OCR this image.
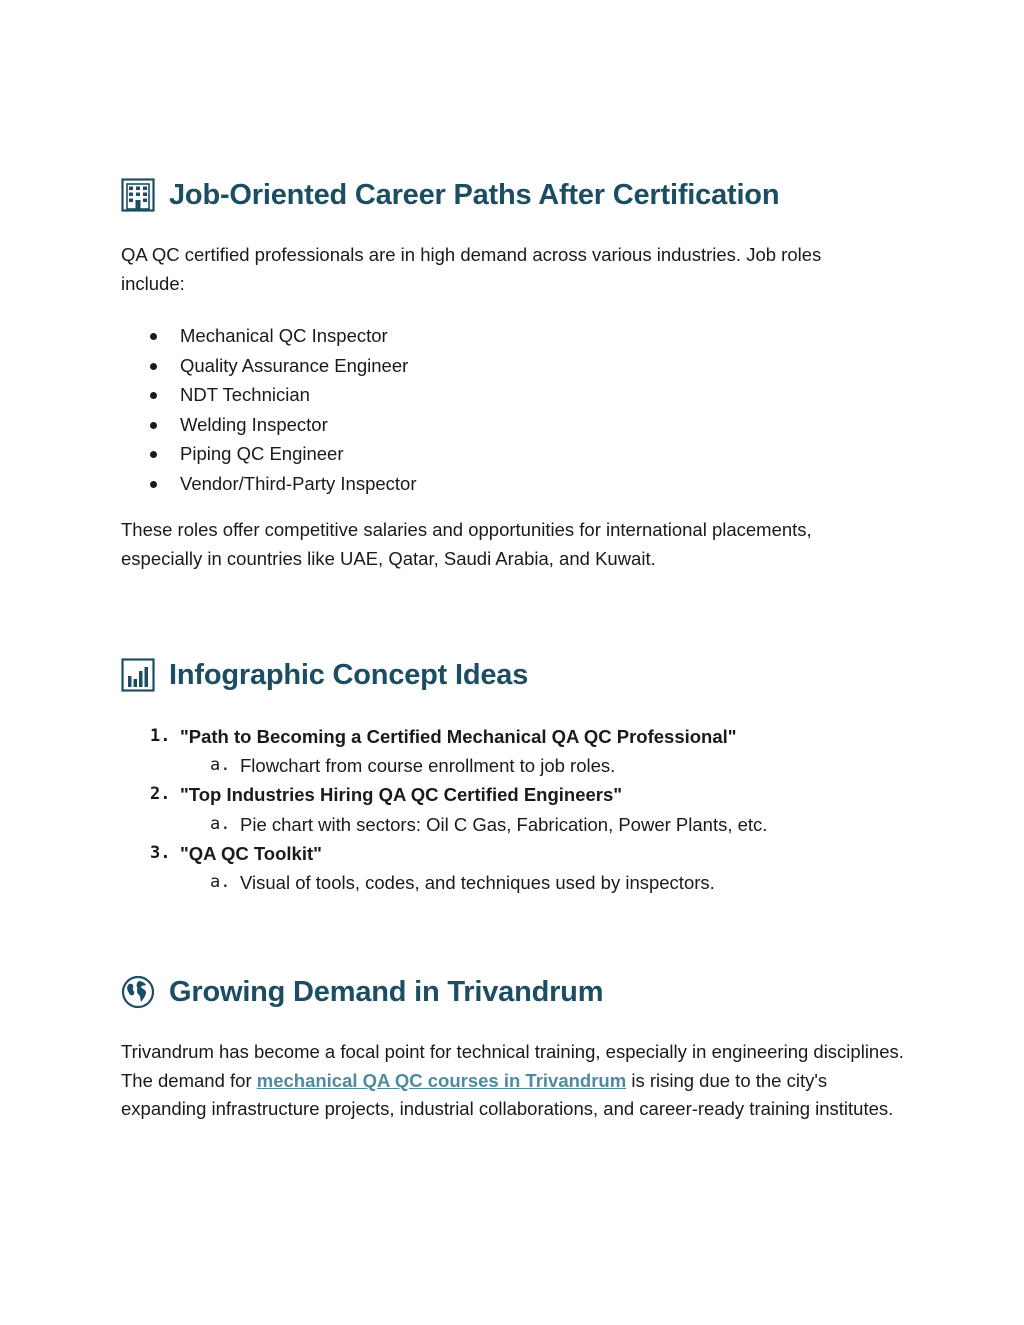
Job-Oriented Career Paths After Certification

QA QC certified professionals are in high demand across various industries. Job roles include:

Mechanical QC Inspector
Quality Assurance Engineer
NDT Technician
Welding Inspector
Piping QC Engineer
Vendor/Third-Party Inspector

These roles offer competitive salaries and opportunities for international placements, especially in countries like UAE, Qatar, Saudi Arabia, and Kuwait.

Infographic Concept Ideas
1. "Path to Becoming a Certified Mechanical QA QC Professional"
a. Flowchart from course enrollment to job roles.
2. "Top Industries Hiring QA QC Certified Engineers"
a. Pie chart with sectors: Oil C Gas, Fabrication, Power Plants, etc.
3. "QA QC Toolkit"
a. Visual of tools, codes, and techniques used by inspectors.
Growing Demand in Trivandrum

Trivandrum has become a focal point for technical training, especially in engineering disciplines. The demand for mechanical QA QC courses in Trivandrum is rising due to the city's expanding infrastructure projects, industrial collaborations, and career-ready training institutes.
